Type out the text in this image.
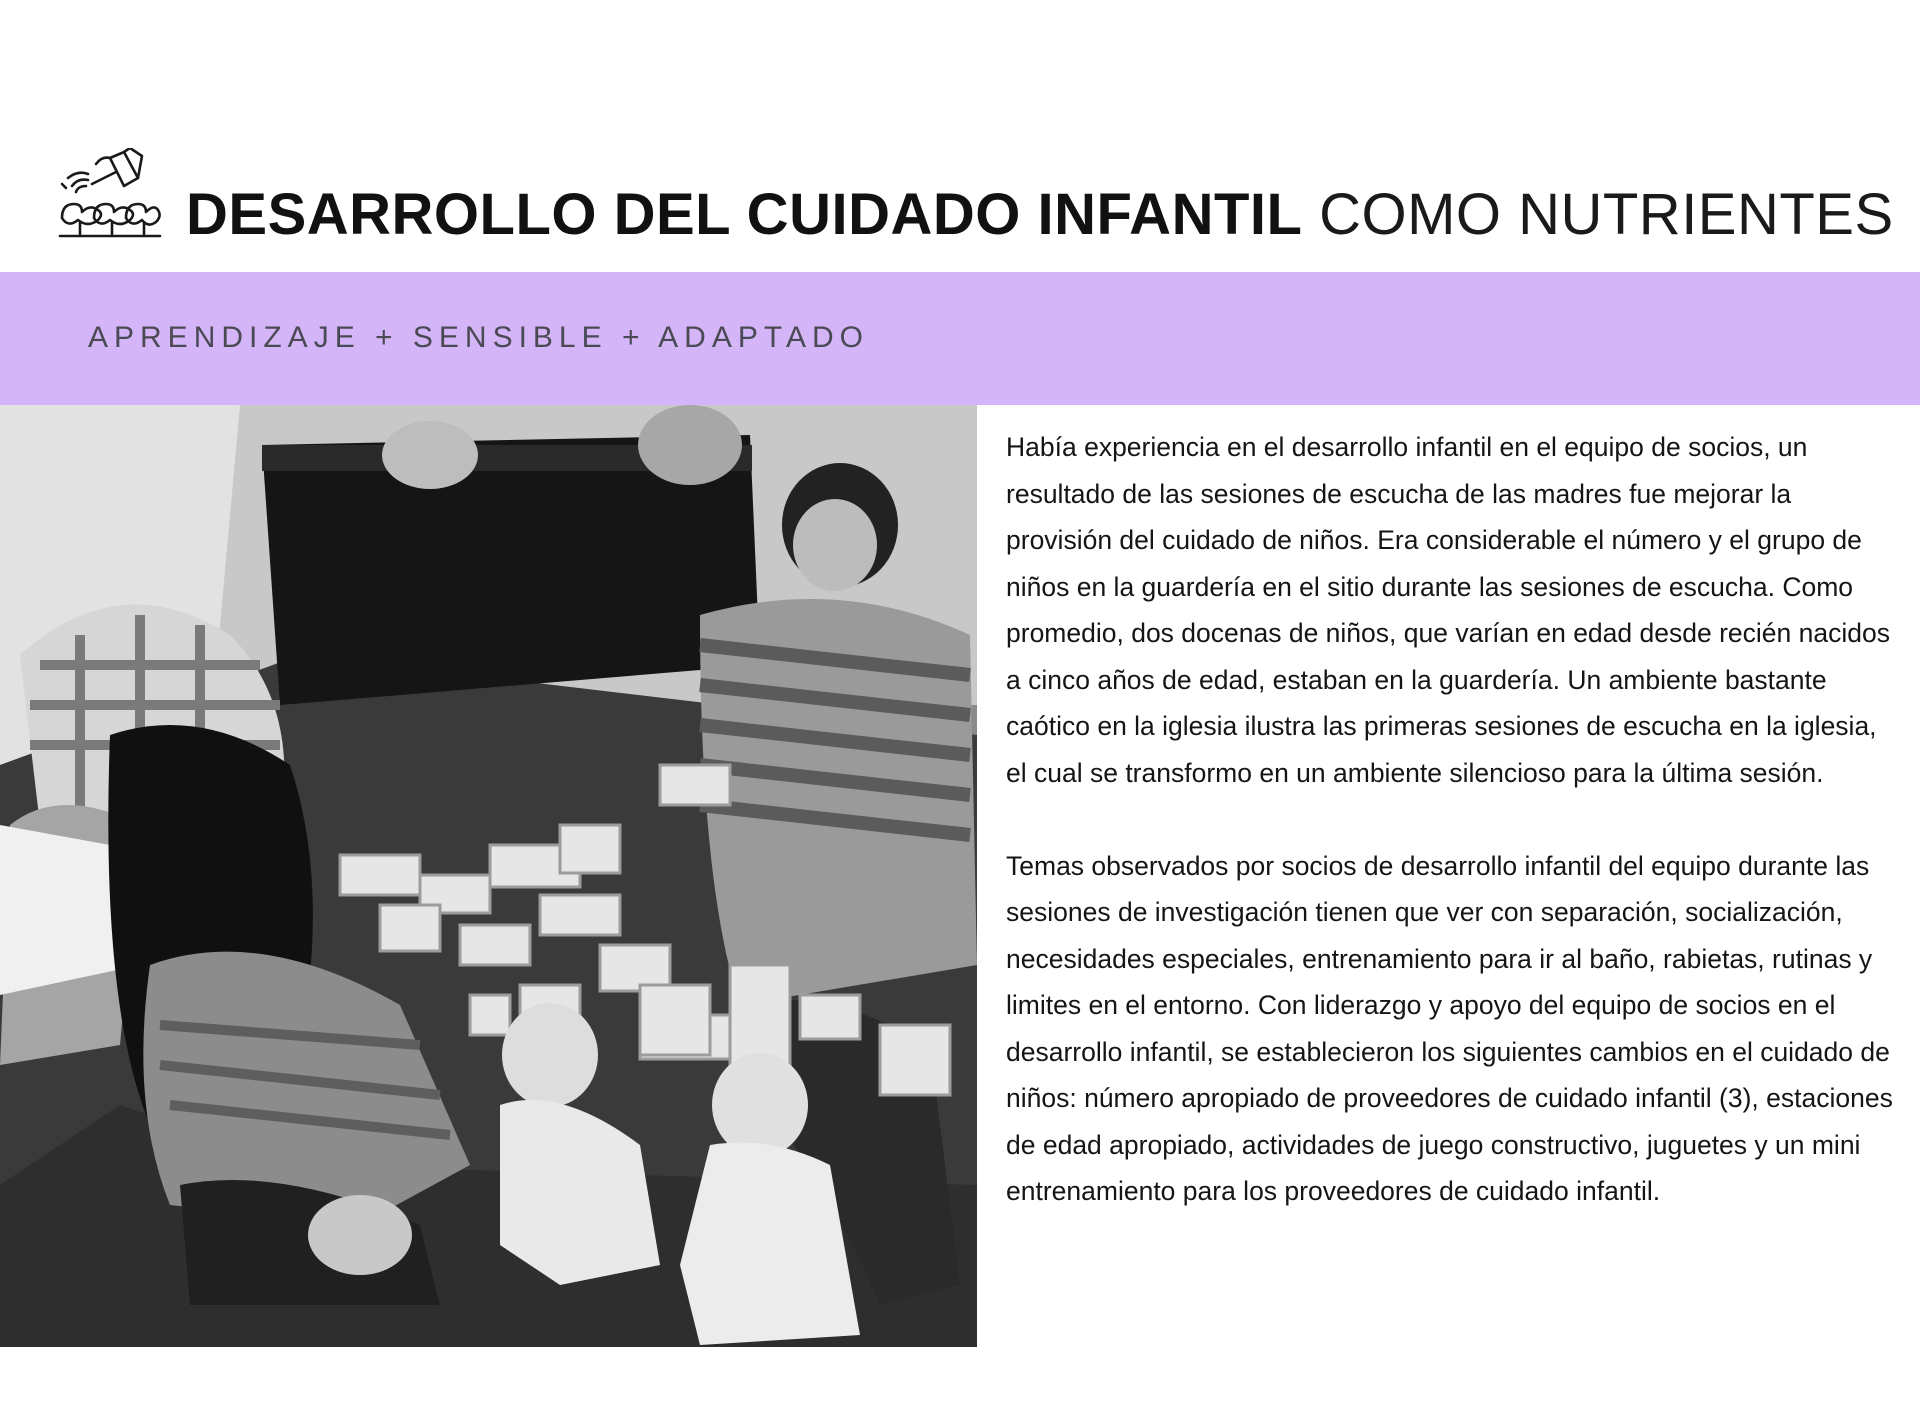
DESARROLLO DEL CUIDADO INFANTIL COMO NUTRIENTES
APRENDIZAJE + SENSIBLE + ADAPTADO

Había experiencia en el desarrollo infantil en el equipo de socios, un resultado de las sesiones de escucha de las madres fue mejorar la provisión del cuidado de niños. Era considerable el número y el grupo de niños en la guardería en el sitio durante las sesiones de escucha. Como promedio, dos docenas de niños, que varían en edad desde recién nacidos a cinco años de edad, estaban en la guardería. Un ambiente bastante caótico en la iglesia ilustra las primeras sesiones de escucha en la iglesia, el cual se transformo en un ambiente silencioso para la última sesión.

Temas observados por socios de desarrollo infantil del equipo durante las sesiones de investigación tienen que ver con separación, socialización, necesidades especiales, entrenamiento para ir al baño, rabietas, rutinas y limites en el entorno. Con liderazgo y apoyo del equipo de socios en el desarrollo infantil, se establecieron los siguientes cambios en el cuidado de niños: número apropiado de proveedores de cuidado infantil (3), estaciones de edad apropiado, actividades de juego constructivo, juguetes y un mini entrenamiento para los proveedores de cuidado infantil.
